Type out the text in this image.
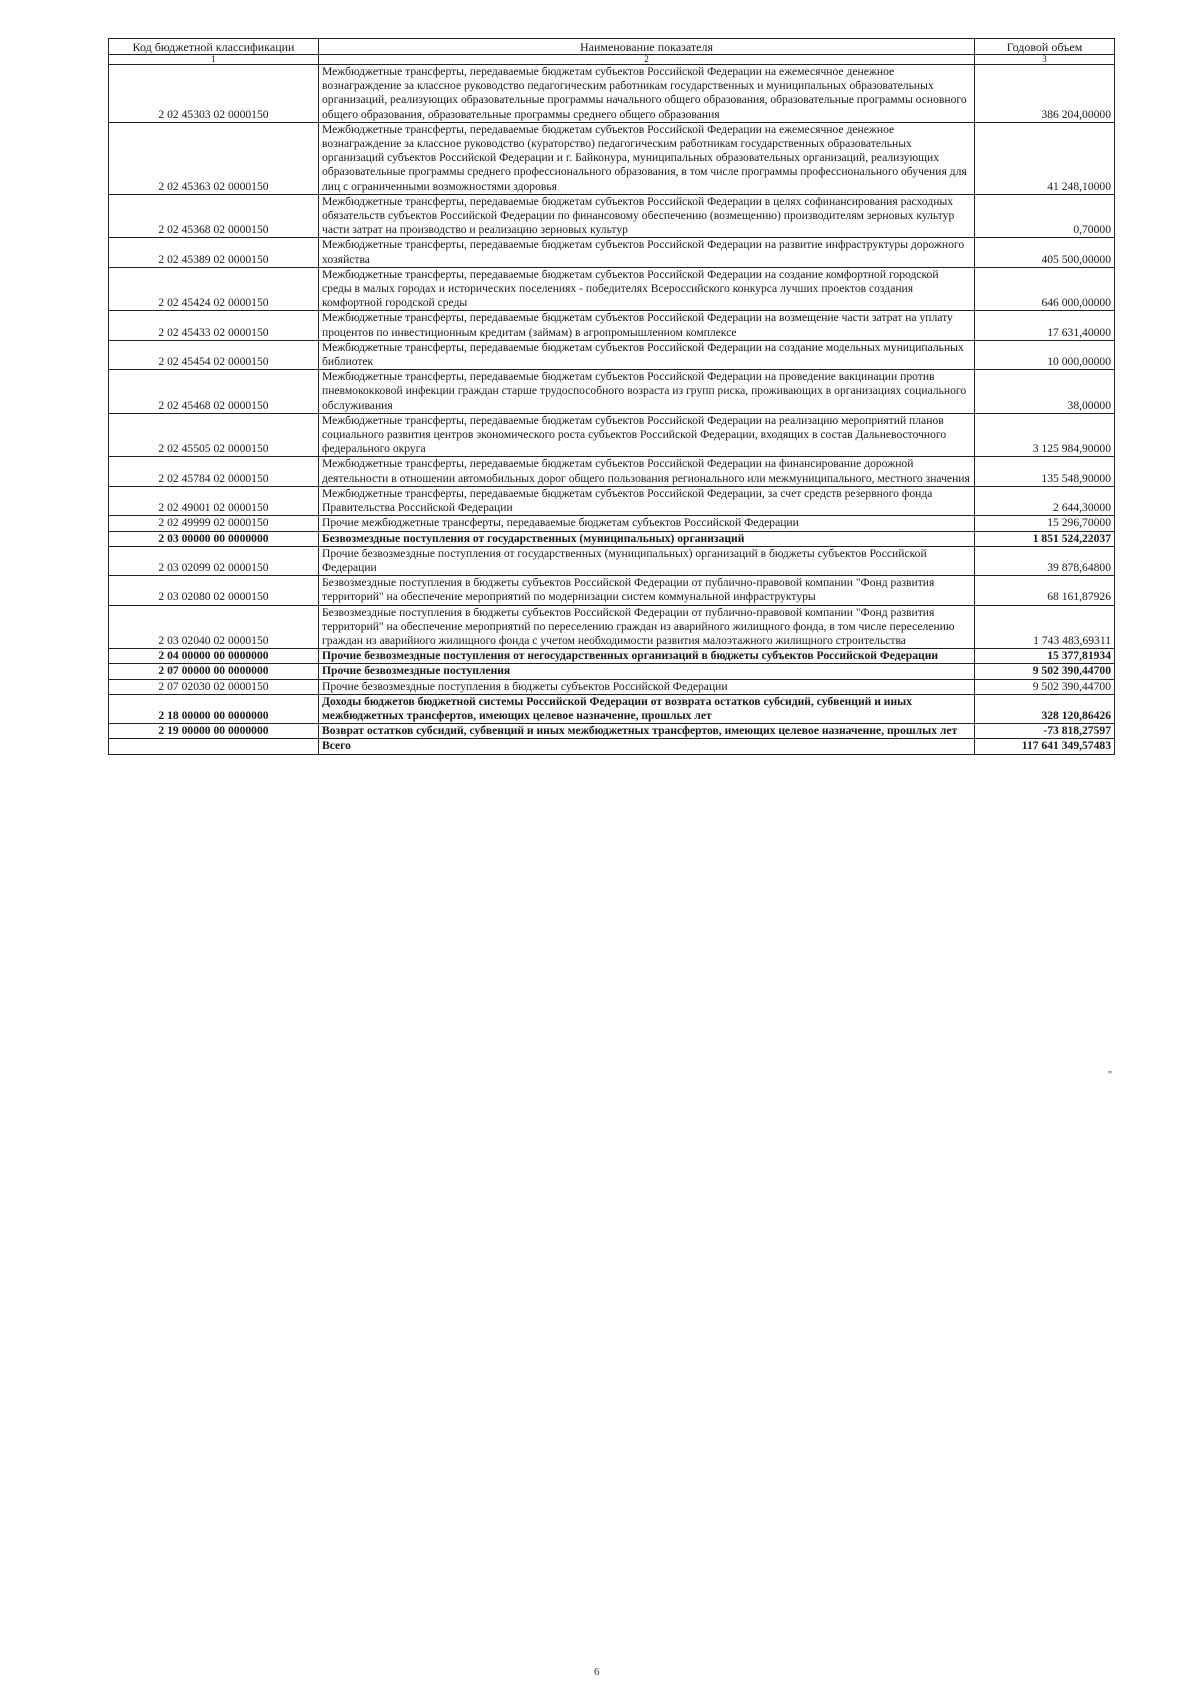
Код бюджетной классификации	Наименование показателя	Годовой объем
1	2	3
2 02 45303 02 0000150	Межбюджетные трансферты, передаваемые бюджетам субъектов Российской Федерации на ежемесячное денежное вознаграждение за классное руководство педагогическим работникам государственных и муниципальных образовательных организаций, реализующих образовательные программы начального общего образования, образовательные программы основного общего образования, образовательные программы среднего общего образования	386 204,00000
2 02 45363 02 0000150	Межбюджетные трансферты, передаваемые бюджетам субъектов Российской Федерации на ежемесячное денежное вознаграждение за классное руководство (кураторство) педагогическим работникам государственных образовательных организаций субъектов Российской Федерации и г. Байконура, муниципальных образовательных организаций, реализующих образовательные программы среднего профессионального образования, в том числе программы профессионального обучения для лиц с ограниченными возможностями здоровья	41 248,10000
2 02 45368 02 0000150	Межбюджетные трансферты, передаваемые бюджетам субъектов Российской Федерации в целях софинансирования расходных обязательств субъектов Российской Федерации по финансовому обеспечению (возмещению) производителям зерновых культур части затрат на производство и реализацию зерновых культур	0,70000
2 02 45389 02 0000150	Межбюджетные трансферты, передаваемые бюджетам субъектов Российской Федерации на развитие инфраструктуры дорожного хозяйства	405 500,00000
2 02 45424 02 0000150	Межбюджетные трансферты, передаваемые бюджетам субъектов Российской Федерации на создание комфортной городской среды в малых городах и исторических поселениях - победителях Всероссийского конкурса лучших проектов создания комфортной городской среды	646 000,00000
2 02 45433 02 0000150	Межбюджетные трансферты, передаваемые бюджетам субъектов Российской Федерации на возмещение части затрат на уплату процентов по инвестиционным кредитам (займам) в агропромышленном комплексе	17 631,40000
2 02 45454 02 0000150	Межбюджетные трансферты, передаваемые бюджетам субъектов Российской Федерации на создание модельных муниципальных библиотек	10 000,00000
2 02 45468 02 0000150	Межбюджетные трансферты, передаваемые бюджетам субъектов Российской Федерации на проведение вакцинации против пневмококковой инфекции граждан старше трудоспособного возраста из групп риска, проживающих в организациях социального обслуживания	38,00000
2 02 45505 02 0000150	Межбюджетные трансферты, передаваемые бюджетам субъектов Российской Федерации на реализацию мероприятий планов социального развития центров экономического роста субъектов Российской Федерации, входящих в состав Дальневосточного федерального округа	3 125 984,90000
2 02 45784 02 0000150	Межбюджетные трансферты, передаваемые бюджетам субъектов Российской Федерации на финансирование дорожной деятельности в отношении автомобильных дорог общего пользования регионального или межмуниципального, местного значения	135 548,90000
2 02 49001 02 0000150	Межбюджетные трансферты, передаваемые бюджетам субъектов Российской Федерации, за счет средств резервного фонда Правительства Российской Федерации	2 644,30000
2 02 49999 02 0000150	Прочие межбюджетные трансферты, передаваемые бюджетам субъектов Российской Федерации	15 296,70000
2 03 00000 00 0000000	Безвозмездные поступления от государственных (муниципальных) организаций	1 851 524,22037
2 03 02099 02 0000150	Прочие безвозмездные поступления от государственных (муниципальных) организаций в бюджеты субъектов Российской Федерации	39 878,64800
2 03 02080 02 0000150	Безвозмездные поступления в бюджеты субъектов Российской Федерации от публично-правовой компании "Фонд развития территорий" на обеспечение мероприятий по модернизации систем коммунальной инфраструктуры	68 161,87926
2 03 02040 02 0000150	Безвозмездные поступления в бюджеты субъектов Российской Федерации от публично-правовой компании "Фонд развития территорий" на обеспечение мероприятий по переселению граждан из аварийного жилищного фонда, в том числе переселению граждан из аварийного жилищного фонда с учетом необходимости развития малоэтажного жилищного строительства	1 743 483,69311
2 04 00000 00 0000000	Прочие безвозмездные поступления от негосударственных организаций в бюджеты субъектов Российской Федерации	15 377,81934
2 07 00000 00 0000000	Прочие безвозмездные поступления	9 502 390,44700
2 07 02030 02 0000150	Прочие безвозмездные поступления в бюджеты субъектов Российской Федерации	9 502 390,44700
2 18 00000 00 0000000	Доходы бюджетов бюджетной системы Российской Федерации от возврата остатков субсидий, субвенций и иных межбюджетных трансфертов, имеющих целевое назначение, прошлых лет	328 120,86426
2 19 00000 00 0000000	Возврат остатков субсидий, субвенций и иных межбюджетных трансфертов, имеющих целевое назначение, прошлых лет	-73 818,27597
	Всего	117 641 349,57483
"
6
